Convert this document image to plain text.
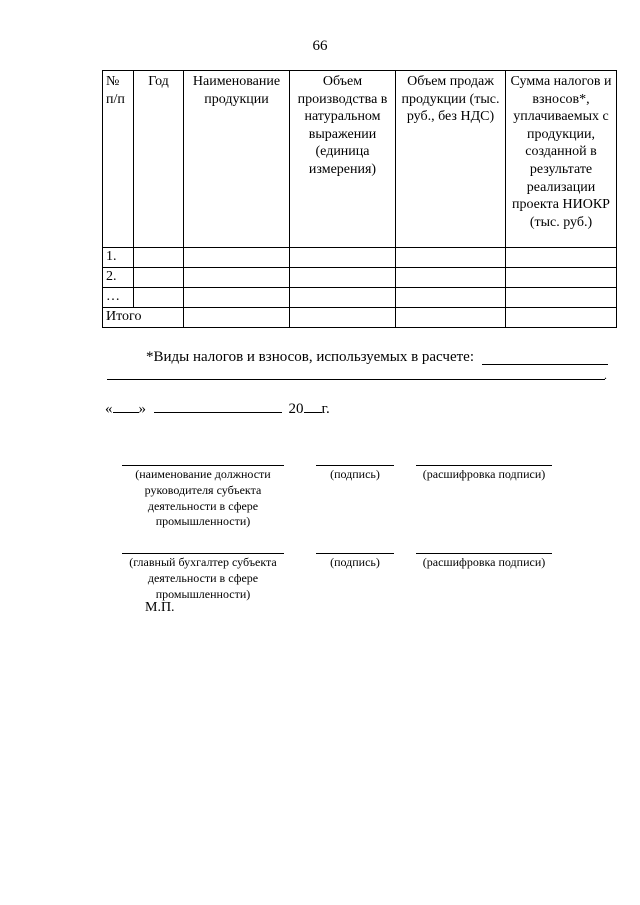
66
№ п/п	Год	Наименование продукции	Объем производства в натуральном выражении (единица измерения)	Объем продаж продукции (тыс. руб., без НДС)	Сумма налогов и взносов*, уплачиваемых с продукции, созданной в результате реализации проекта НИОКР (тыс. руб.)
1.					
2.					
…					
Итого					
*Виды налогов и взносов, используемых в расчете:
.
« »	20 г.
(наименование должности руководителя субъекта деятельности в сфере промышленности)
(подпись)	(расшифровка подписи)
(главный бухгалтер субъекта деятельности в сфере промышленности)
(подпись)	(расшифровка подписи)
М.П.
